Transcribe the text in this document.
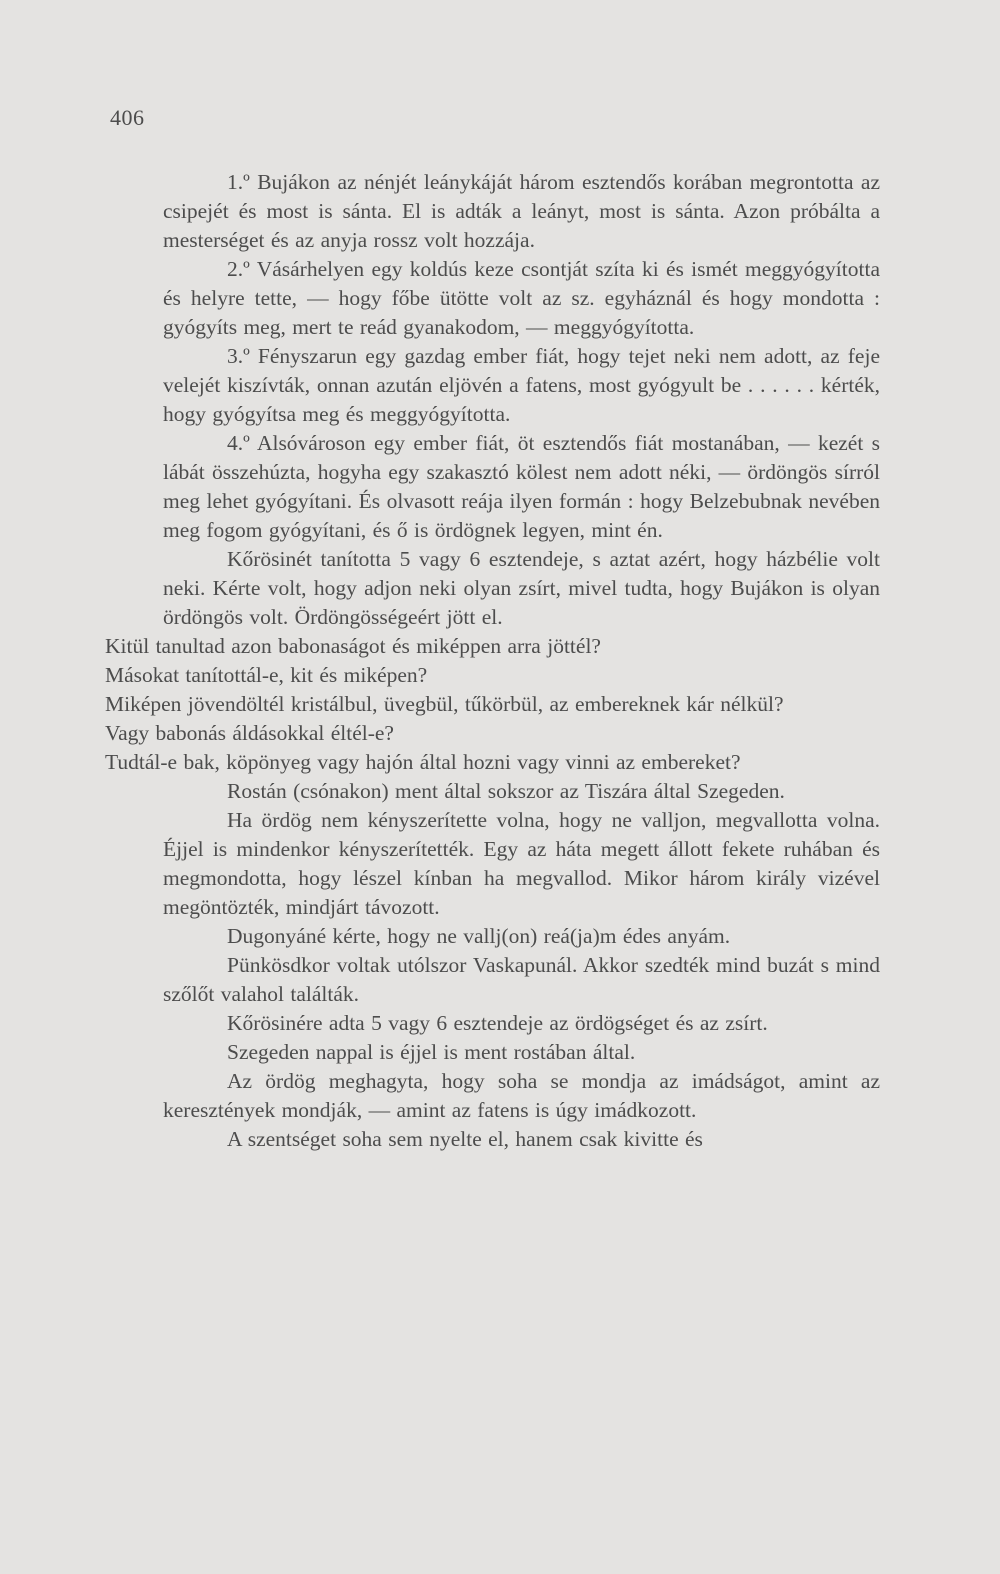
406

1.º Bujákon az nénjét leánykáját három esztendős korában megrontotta az csipejét és most is sánta. El is adták a leányt, most is sánta. Azon próbálta a mesterséget és az anyja rossz volt hozzája.

2.º Vásárhelyen egy koldús keze csontját szíta ki és ismét meggyógyította és helyre tette, — hogy főbe ütötte volt az sz. egyháznál és hogy mondotta : gyógyíts meg, mert te reád gyanakodom, — meggyógyította.

3.º Fényszarun egy gazdag ember fiát, hogy tejet neki nem adott, az feje velejét kiszívták, onnan azután eljövén a fatens, most gyógyult be . . . . . . kérték, hogy gyógyítsa meg és meggyógyította.

4.º Alsóvároson egy ember fiát, öt esztendős fiát mostanában, — kezét s lábát összehúzta, hogyha egy szakasztó kölest nem adott néki, — ördöngös sírról meg lehet gyógyítani. És olvasott reája ilyen formán : hogy Belzebubnak nevében meg fogom gyógyítani, és ő is ördögnek legyen, mint én.

Kőrösinét tanította 5 vagy 6 esztendeje, s aztat azért, hogy házbélie volt neki. Kérte volt, hogy adjon neki olyan zsírt, mivel tudta, hogy Bujákon is olyan ördöngös volt. Ördöngösségeért jött el.

Kitül tanultad azon babonaságot és miképpen arra jöttél?

Másokat tanítottál-e, kit és miképen?

Miképen jövendöltél kristálbul, üvegbül, tűkörbül, az embereknek kár nélkül?

Vagy babonás áldásokkal éltél-e?

Tudtál-e bak, köpönyeg vagy hajón által hozni vagy vinni az embereket?

Rostán (csónakon) ment által sokszor az Tiszára által Szegeden.

Ha ördög nem kényszerítette volna, hogy ne valljon, megvallotta volna. Éjjel is mindenkor kényszerítették. Egy az háta megett állott fekete ruhában és megmondotta, hogy lészel kínban ha megvallod. Mikor három király vizével megöntözték, mindjárt távozott.

Dugonyáné kérte, hogy ne vallj(on) reá(ja)m édes anyám.

Pünkösdkor voltak utólszor Vaskapunál. Akkor szedték mind buzát s mind szőlőt valahol találták.

Kőrösinére adta 5 vagy 6 esztendeje az ördögséget és az zsírt.

Szegeden nappal is éjjel is ment rostában által.

Az ördög meghagyta, hogy soha se mondja az imádságot, amint az keresztények mondják, — amint az fatens is úgy imádkozott.

A szentséget soha sem nyelte el, hanem csak kivitte és
